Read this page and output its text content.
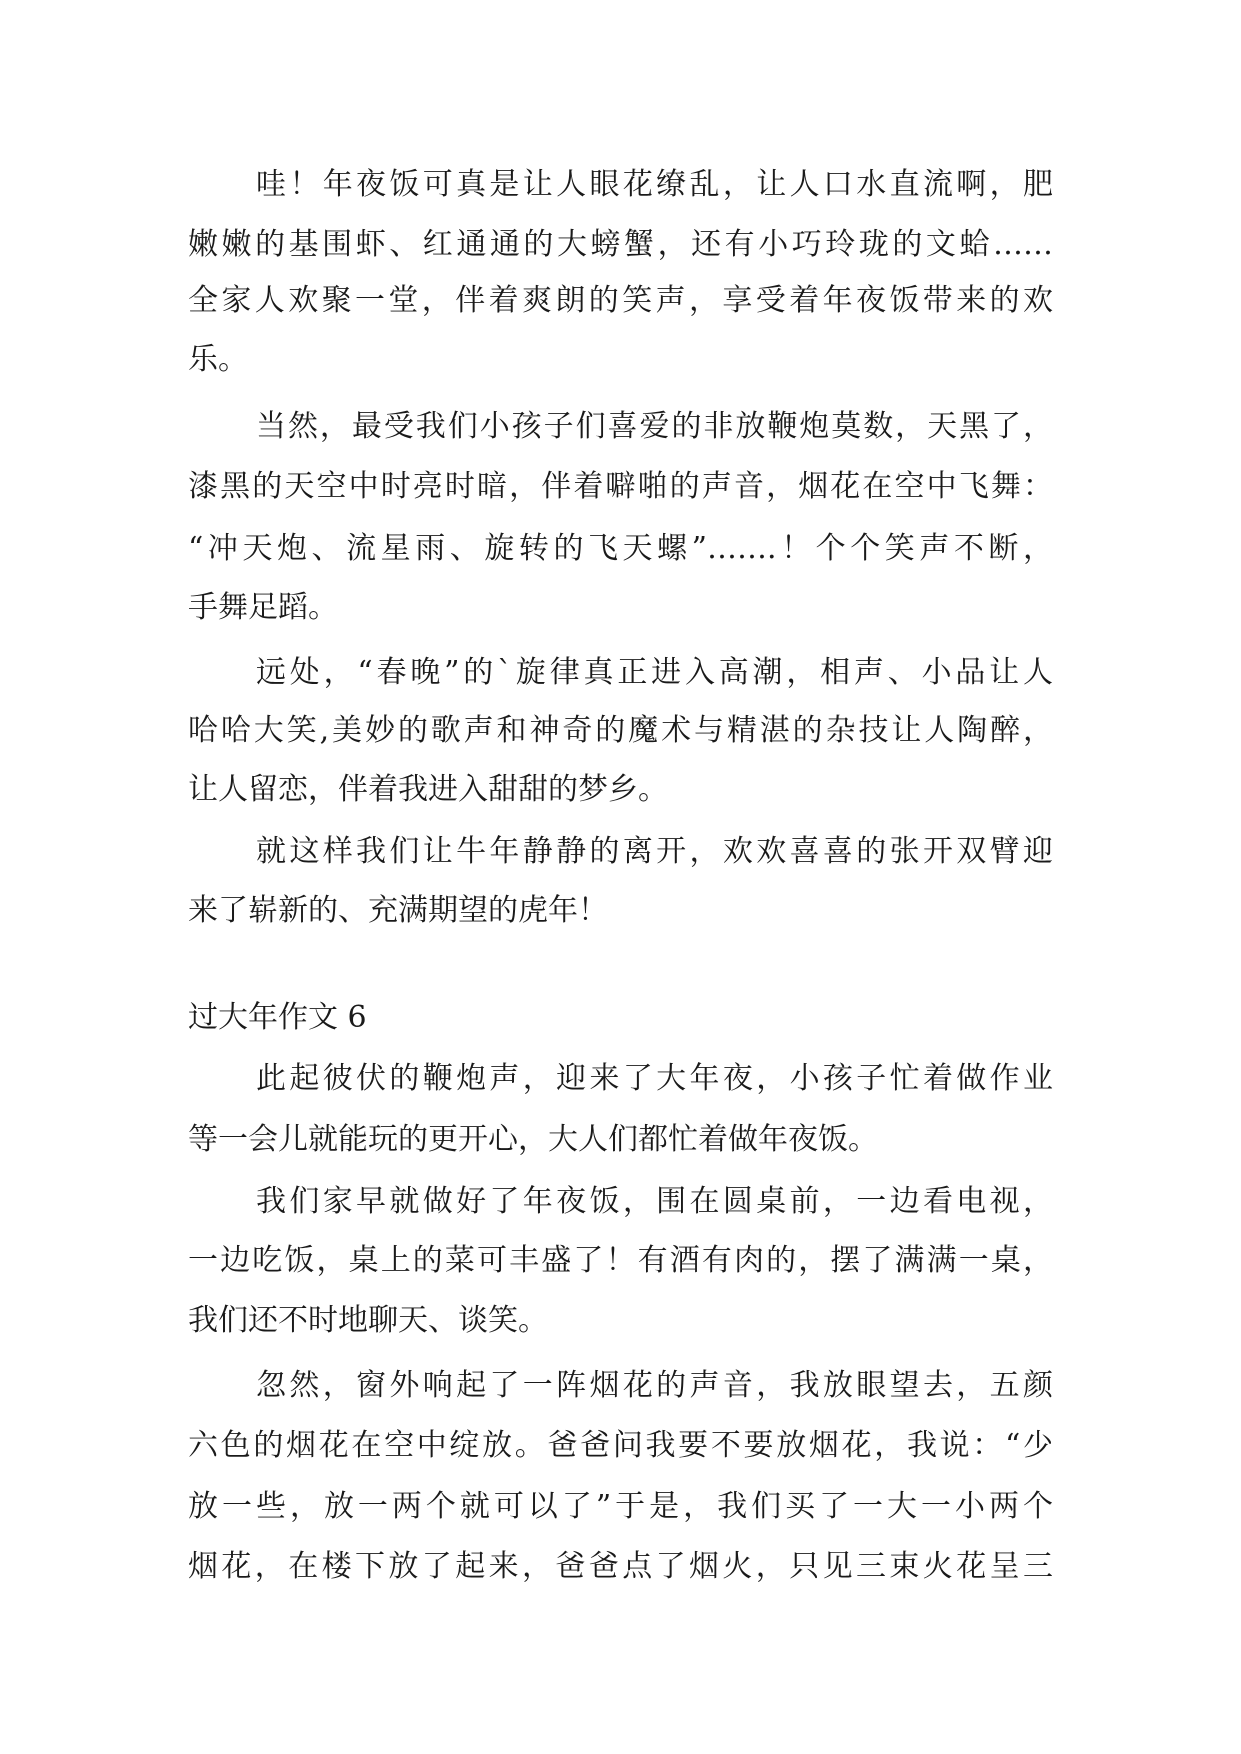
哇！年夜饭可真是让人眼花缭乱，让人口水直流啊，肥
嫩嫩的基围虾、红通通的大螃蟹，还有小巧玲珑的文蛤……
全家人欢聚一堂，伴着爽朗的笑声，享受着年夜饭带来的欢
乐。
当然，最受我们小孩子们喜爱的非放鞭炮莫数，天黑了，
漆黑的天空中时亮时暗，伴着噼啪的声音，烟花在空中飞舞：
“冲天炮、流星雨、旋转的飞天螺”…….！个个笑声不断，
手舞足蹈。
远处，“春晚”的`旋律真正进入高潮，相声、小品让人
哈哈大笑,美妙的歌声和神奇的魔术与精湛的杂技让人陶醉，
让人留恋，伴着我进入甜甜的梦乡。
就这样我们让牛年静静的离开，欢欢喜喜的张开双臂迎
来了崭新的、充满期望的虎年！
过大年作文 6
此起彼伏的鞭炮声，迎来了大年夜，小孩子忙着做作业
等一会儿就能玩的更开心，大人们都忙着做年夜饭。
我们家早就做好了年夜饭，围在圆桌前，一边看电视，
一边吃饭，桌上的菜可丰盛了！有酒有肉的，摆了满满一桌，
我们还不时地聊天、谈笑。
忽然，窗外响起了一阵烟花的声音，我放眼望去，五颜
六色的烟花在空中绽放。爸爸问我要不要放烟花，我说：“少
放一些，放一两个就可以了”于是，我们买了一大一小两个
烟花，在楼下放了起来，爸爸点了烟火，只见三束火花呈三
